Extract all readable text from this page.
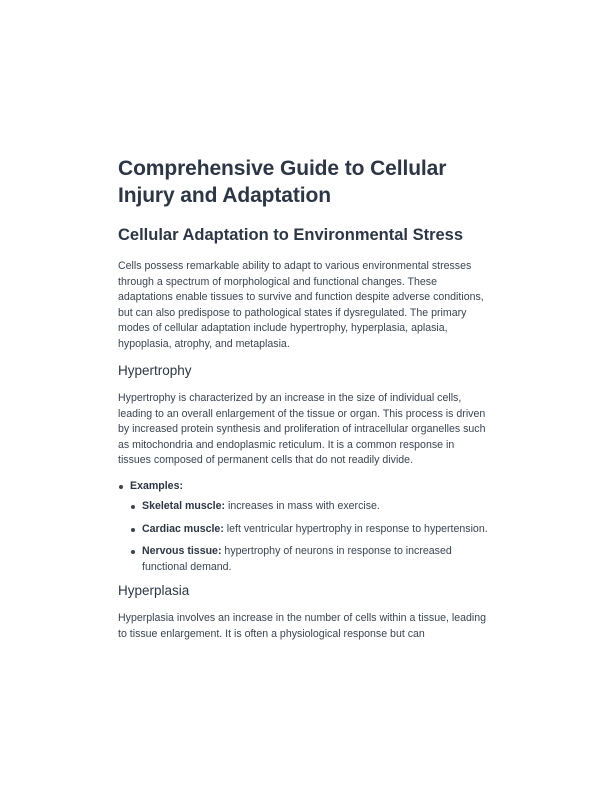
Comprehensive Guide to Cellular Injury and Adaptation
Cellular Adaptation to Environmental Stress

Cells possess remarkable ability to adapt to various environmental stresses through a spectrum of morphological and functional changes. These adaptations enable tissues to survive and function despite adverse conditions, but can also predispose to pathological states if dysregulated. The primary modes of cellular adaptation include hypertrophy, hyperplasia, aplasia, hypoplasia, atrophy, and metaplasia.

Hypertrophy

Hypertrophy is characterized by an increase in the size of individual cells, leading to an overall enlargement of the tissue or organ. This process is driven by increased protein synthesis and proliferation of intracellular organelles such as mitochondria and endoplasmic reticulum. It is a common response in tissues composed of permanent cells that do not readily divide.

Examples:
Skeletal muscle: increases in mass with exercise.
Cardiac muscle: left ventricular hypertrophy in response to hypertension.
Nervous tissue: hypertrophy of neurons in response to increased functional demand.
Hyperplasia

Hyperplasia involves an increase in the number of cells within a tissue, leading to tissue enlargement. It is often a physiological response but can
